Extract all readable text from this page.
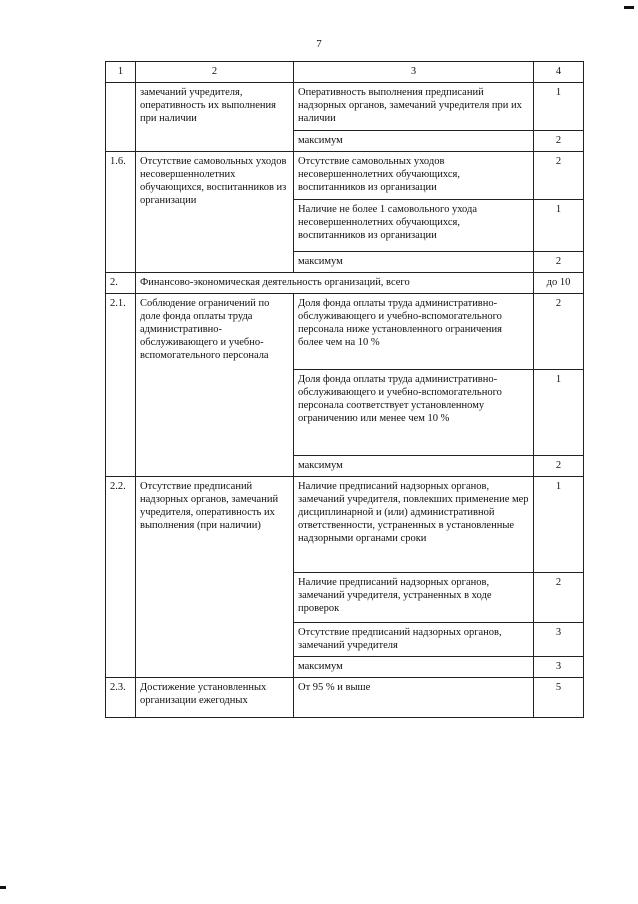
7
1	2	3	4
	замечаний учредителя, оперативность их выполнения при наличии	Оперативность выполнения предписаний надзорных органов, замечаний учредителя при их наличии	1
		максимум	2
1.6.	Отсутствие самовольных уходов несовершеннолетних обучающихся, воспитанников из организации	Отсутствие самовольных уходов несовершеннолетних обучающихся, воспитанников из организации	2
		Наличие не более 1 самовольного ухода несовершеннолетних обучающихся, воспитанников из организации	1
		максимум	2
2.	Финансово-экономическая деятельность организаций, всего		до 10
2.1.	Соблюдение ограничений по доле фонда оплаты труда административно-обслуживающего и учебно-вспомогательного персонала	Доля фонда оплаты труда административно-обслуживающего и учебно-вспомогательного персонала ниже установленного ограничения более чем на 10 %	2
		Доля фонда оплаты труда административно-обслуживающего и учебно-вспомогательного персонала соответствует установленному ограничению или менее чем 10 %	1
		максимум	2
2.2.	Отсутствие предписаний надзорных органов, замечаний учредителя, оперативность их выполнения (при наличии)	Наличие предписаний надзорных органов, замечаний учредителя, повлекших применение мер дисциплинарной и (или) административной ответственности, устраненных в установленные надзорными органами сроки	1
		Наличие предписаний надзорных органов, замечаний учредителя, устраненных в ходе проверок	2
		Отсутствие предписаний надзорных органов, замечаний учредителя	3
		максимум	3
2.3.	Достижение установленных организации ежегодных	От 95 % и выше	5
